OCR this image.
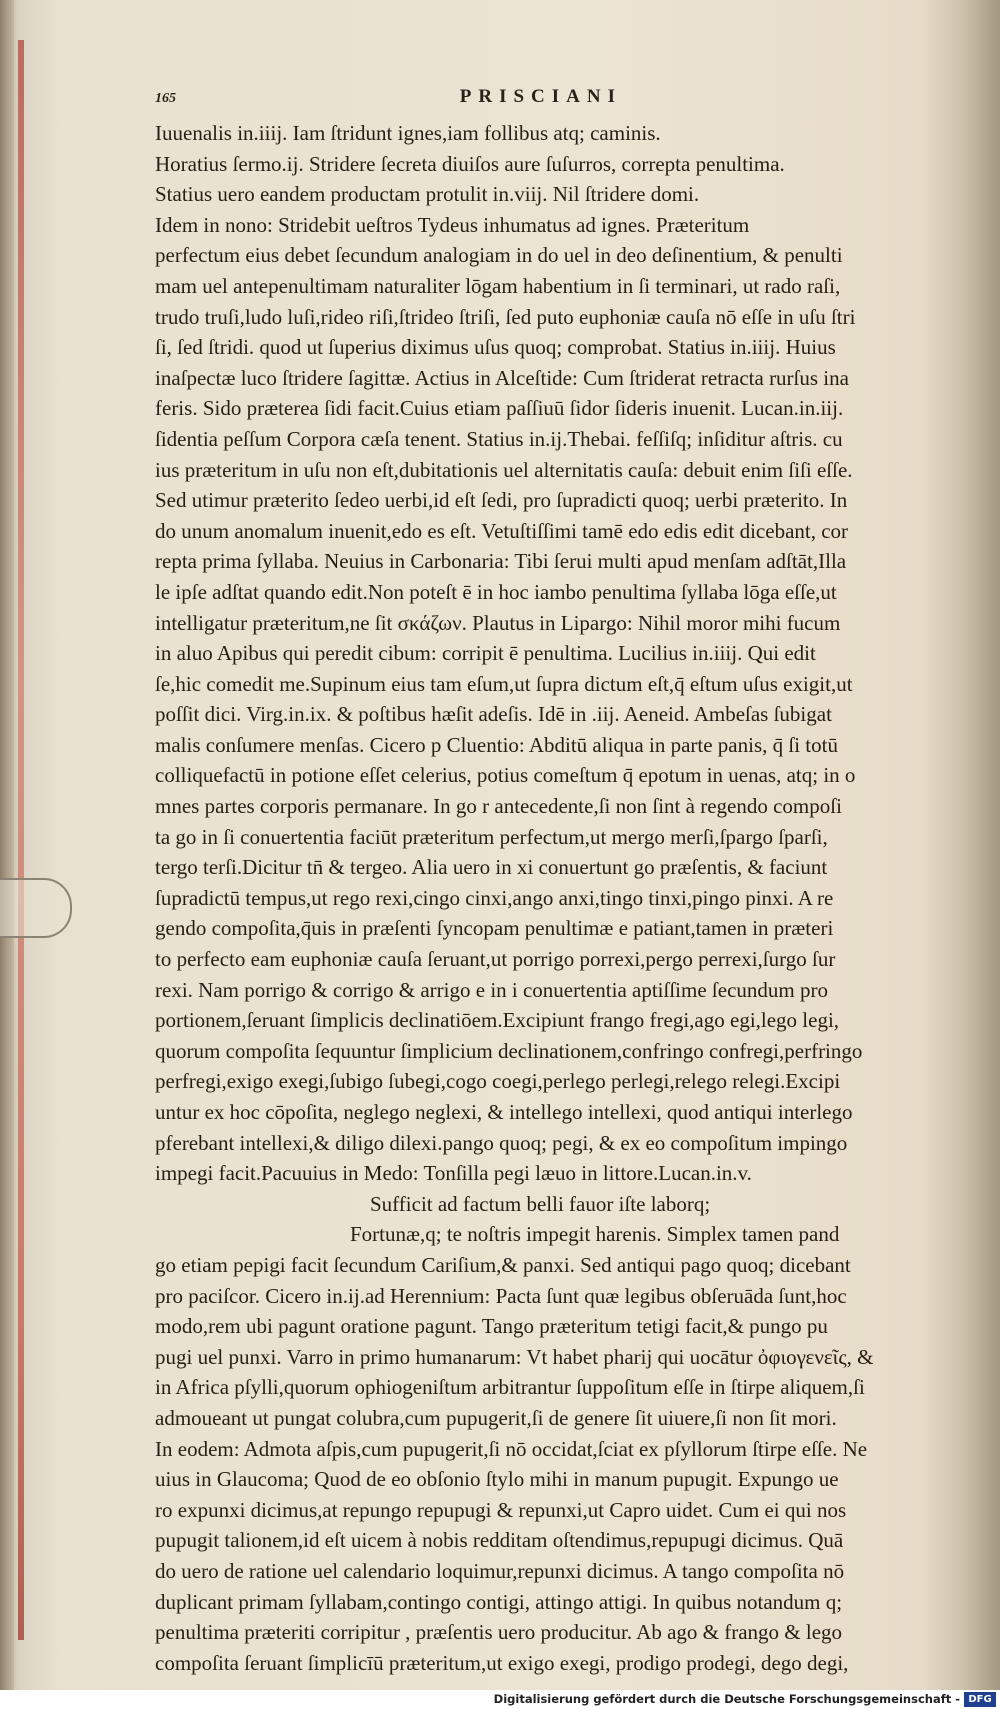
165	PRISCIANI
Iuuenalis in.iiij. Iam ſtridunt ignes,iam follibus atq; caminis.
Horatius ſermo.ij. Stridere ſecreta diuiſos aure ſuſurros, correpta penultima.
Statius uero eandem productam protulit in.viij. Nil ſtridere domi.
Idem in nono: Stridebit ueſtros Tydeus inhumatus ad ignes. Præteritum
perfectum eius debet ſecundum analogiam in do uel in deo deſinentium, & penulti
mam uel antepenultimam naturaliter lōgam habentium in ſi terminari, ut rado raſi,
trudo truſi,ludo luſi,rideo riſi,ſtrideo ſtriſi, ſed puto euphoniæ cauſa nō eſſe in uſu ſtri
ſi, ſed ſtridi. quod ut ſuperius diximus uſus quoq; comprobat. Statius in.iiij. Huius
inaſpectæ luco ſtridere ſagittæ. Actius in Alceſtide: Cum ſtriderat retracta rurſus ina
feris. Sido præterea ſidi facit.Cuius etiam paſſiuū ſidor ſideris inuenit. Lucan.in.iij.
ſidentia peſſum Corpora cæſa tenent. Statius in.ij.Thebai. feſſiſq; inſiditur aſtris. cu
ius præteritum in uſu non eſt,dubitationis uel alternitatis cauſa: debuit enim ſiſi eſſe.
Sed utimur præterito ſedeo uerbi,id eſt ſedi, pro ſupradicti quoq; uerbi præterito. In
do unum anomalum inuenit,edo es eſt. Vetuſtiſſimi tamē edo edis edit dicebant, cor
repta prima ſyllaba. Neuius in Carbonaria: Tibi ſerui multi apud menſam adſtāt,Illa
le ipſe adſtat quando edit.Non poteſt ē in hoc iambo penultima ſyllaba lōga eſſe,ut
intelligatur præteritum,ne ſit σκάζων. Plautus in Lipargo: Nihil moror mihi fucum
in aluo Apibus qui peredit cibum: corripit ē penultima. Lucilius in.iiij. Qui edit
ſe,hic comedit me.Supinum eius tam eſum,ut ſupra dictum eſt,q̄ eſtum uſus exigit,ut
poſſit dici. Virg.in.ix. & poſtibus hæſit adeſis. Idē in .iij. Aeneid. Ambeſas ſubigat
malis conſumere menſas. Cicero p Cluentio: Abditū aliqua in parte panis, q̄ ſi totū
colliquefactū in potione eſſet celerius, potius comeſtum q̄ epotum in uenas, atq; in o
mnes partes corporis permanare. In go r antecedente,ſi non ſint à regendo compoſi
ta go in ſi conuertentia faciūt præteritum perfectum,ut mergo merſi,ſpargo ſparſi,
tergo terſi.Dicitur tn̄ & tergeo. Alia uero in xi conuertunt go præſentis, & faciunt
ſupradictū tempus,ut rego rexi,cingo cinxi,ango anxi,tingo tinxi,pingo pinxi. A re
gendo compoſita,q̄uis in præſenti ſyncopam penultimæ e patiant,tamen in præteri
to perfecto eam euphoniæ cauſa ſeruant,ut porrigo porrexi,pergo perrexi,ſurgo ſur
rexi. Nam porrigo & corrigo & arrigo e in i conuertentia aptiſſime ſecundum pro
portionem,ſeruant ſimplicis declinatiōem.Excipiunt frango fregi,ago egi,lego legi,
quorum compoſita ſequuntur ſimplicium declinationem,confringo confregi,perfringo
perfregi,exigo exegi,ſubigo ſubegi,cogo coegi,perlego perlegi,relego relegi.Excipi
untur ex hoc cōpoſita, neglego neglexi, & intellego intellexi, quod antiqui interlego
pferebant intellexi,& diligo dilexi.pango quoq; pegi, & ex eo compoſitum impingo
impegi facit.Pacuuius in Medo: Tonſilla pegi læuo in littore.Lucan.in.v.
Sufficit ad factum belli fauor iſte laborq;
Fortunæ,q; te noſtris impegit harenis. Simplex tamen pand
go etiam pepigi facit ſecundum Cariſium,& panxi. Sed antiqui pago quoq; dicebant
pro paciſcor. Cicero in.ij.ad Herennium: Pacta ſunt quæ legibus obſeruāda ſunt,hoc
modo,rem ubi pagunt oratione pagunt. Tango præteritum tetigi facit,& pungo pu
pugi uel punxi. Varro in primo humanarum: Vt habet pharij qui uocātur ὀφιογενεῖς, &
in Africa pſylli,quorum ophiogeniſtum arbitrantur ſuppoſitum eſſe in ſtirpe aliquem,ſi
admoueant ut pungat colubra,cum pupugerit,ſi de genere ſit uiuere,ſi non ſit mori.
In eodem: Admota aſpis,cum pupugerit,ſi nō occidat,ſciat ex pſyllorum ſtirpe eſſe. Ne
uius in Glaucoma; Quod de eo obſonio ſtylo mihi in manum pupugit. Expungo ue
ro expunxi dicimus,at repungo repupugi & repunxi,ut Capro uidet. Cum ei qui nos
pupugit talionem,id eſt uicem à nobis redditam oſtendimus,repupugi dicimus. Quā
do uero de ratione uel calendario loquimur,repunxi dicimus. A tango compoſita nō
duplicant primam ſyllabam,contingo contigi, attingo attigi. In quibus notandum q;
penultima præteriti corripitur , præſentis uero producitur. Ab ago & frango & lego
compoſita ſeruant ſimplicīū præteritum,ut exigo exegi, prodigo prodegi, dego degi,
Digitalisierung gefördert durch die Deutsche Forschungsgemeinschaft - DFG
